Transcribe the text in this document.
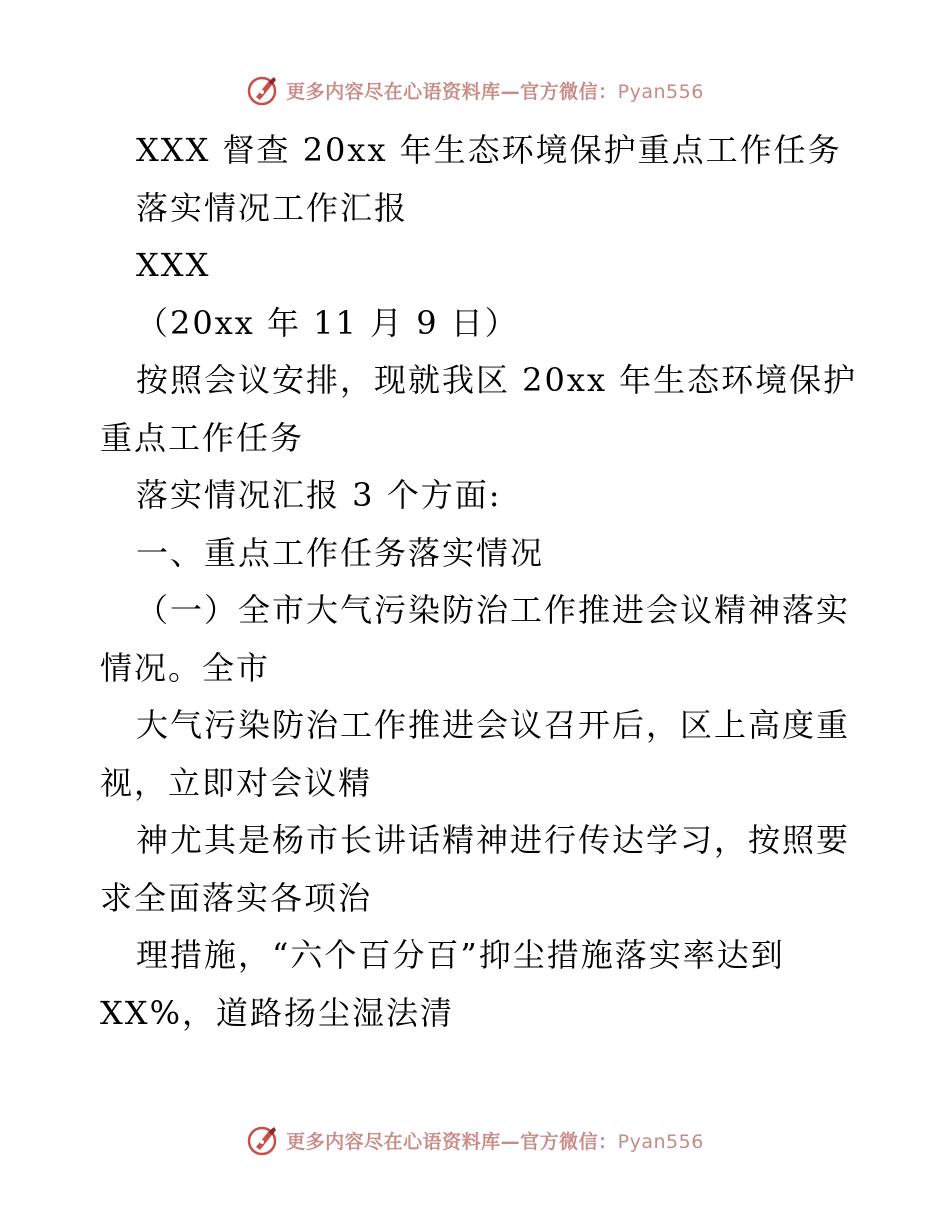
更多内容尽在心语资料库—官方微信：Pyan556
XXX 督查 20xx 年生态环境保护重点工作任务
落实情况工作汇报
XXX
（20xx 年 11 月 9 日）
按照会议安排，现就我区 20xx 年生态环境保护
重点工作任务
落实情况汇报 3 个方面:
一、重点工作任务落实情况
（一）全市大气污染防治工作推进会议精神落实
情况。全市
大气污染防治工作推进会议召开后，区上高度重
视，立即对会议精
神尤其是杨市长讲话精神进行传达学习，按照要
求全面落实各项治
理措施，“六个百分百”抑尘措施落实率达到
XX%，道路扬尘湿法清
更多内容尽在心语资料库—官方微信：Pyan556
